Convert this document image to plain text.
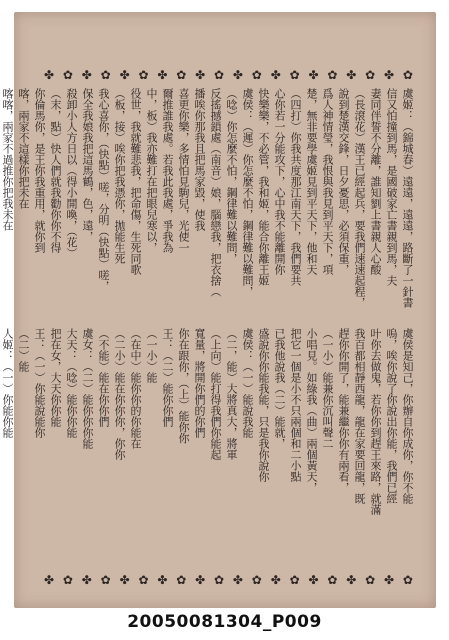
✤ ✿ ✤ ✿ ✤ ✿ ✤ ✿ ✤ ✿ ✤ ✿ ✤ ✿ ✤ ✿ ✤ ✿ ✤ ✿
虞姬：（錦城春）遠遠，遠遠，路斷了一針書
信又怕撞到馬，是國破家亡書親到馬，夫
妻同伴誓不分離，誰知劉上書親人心酸
（長滾花）漢王已經起兵，要我們速速起程，
說到楚漢交鋒，日夕憂思，必須保重，
爲人神情瑩，我恨與我見到平天下，項
楚，無非要學虞姬見到平天下，他和天
（四打）你我共度那江南天下，我們要共
心你若一分能攻下，心中我不能離開你
快樂樂，不必管，我和姬，能合你離王姬
虞侯：（遲）你怎麼不怕，鋼律難以難問，
（唸）你怎麼不怕，鋼律難以難問，
反搖撼鎖處（南音）娘，腦戀我，把衣捨（
播唉你那我且把馬家毀，使我
喜更你樂，多情怕見駒兒，光使一
爾推誰我處。若我此我處，爭我為
中，板）我亦難打在把眼兒寒以，
役世，我就難悲我，把命傷，生死同歌
（板，接）唉你把我憑你，拋能生死
我心喜你，（快點）嗟，分明（快點）嗟，
保全我娘我把這馬鶴，色，遠，
殺卸小人方日以（得小開喚，（花）
（末，點）快人們就我勸你你不得
你倫馬你，是王你我重用，就你到
喀，兩家不這樣你把未在
喀喀，兩家不過推你把我未在
虞侯是知己，你辦自你成你，你不能
嗚，唉你說了你說出你能，我們已經
叶你去做鬼，若你你到趕王來路，就滿
我百都相靜西龍，龍在家要回龍，既
趕你你開了，能兼繼你你有兩看，
（一小）能兼你沉叫聲二
小唱見。如綠我（曲）兩個黃天，
把它一個是小不只兩個和二小點
已我他說我（二）能就，
盛說你你能我能，只是我你說你
虞侯：（一）能說我能
（二，能）大將真大，將軍
（上向）能打得我們你能起
寬量，將開你們的你們
你在跟你，（上）能你你
王：（二）能你你們
（一小）能
（在中）能你你的你能在
（二小）能在你你你，你你
（不能）能在你你們
虞女：（二）能你你你能
大天：（唸）能你你能
把在女，大天你你能
王：（一）你能說能你
（二）能
人姬：（一）你能你能
✤ ✿ ✤ ✿ ✤ ✿ ✤ ✿ ✤ ✿ ✤ ✿ ✤ ✿ ✤ ✿ ✤ ✿ ✤ ✿
20050081304_P009
